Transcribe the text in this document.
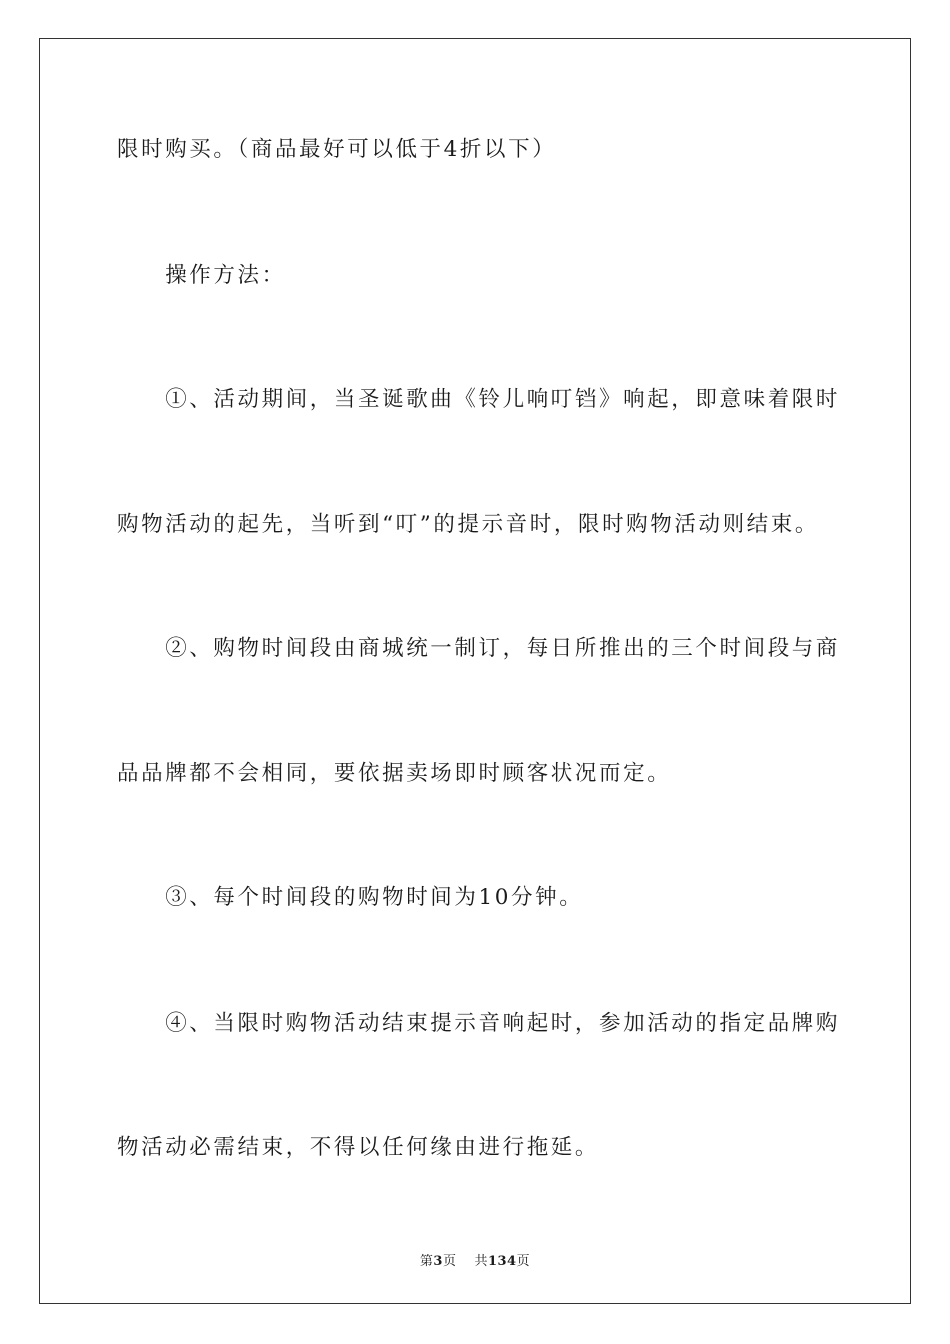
限时购买。（商品最好可以低于4折以下）

　　操作方法：

　　①、活动期间，当圣诞歌曲《铃儿响叮铛》响起，即意味着限时

购物活动的起先，当听到“叮”的提示音时，限时购物活动则结束。

　　②、购物时间段由商城统一制订，每日所推出的三个时间段与商

品品牌都不会相同，要依据卖场即时顾客状况而定。

　　③、每个时间段的购物时间为10分钟。

　　④、当限时购物活动结束提示音响起时，参加活动的指定品牌购

物活动必需结束，不得以任何缘由进行拖延。

第3页 共134页
